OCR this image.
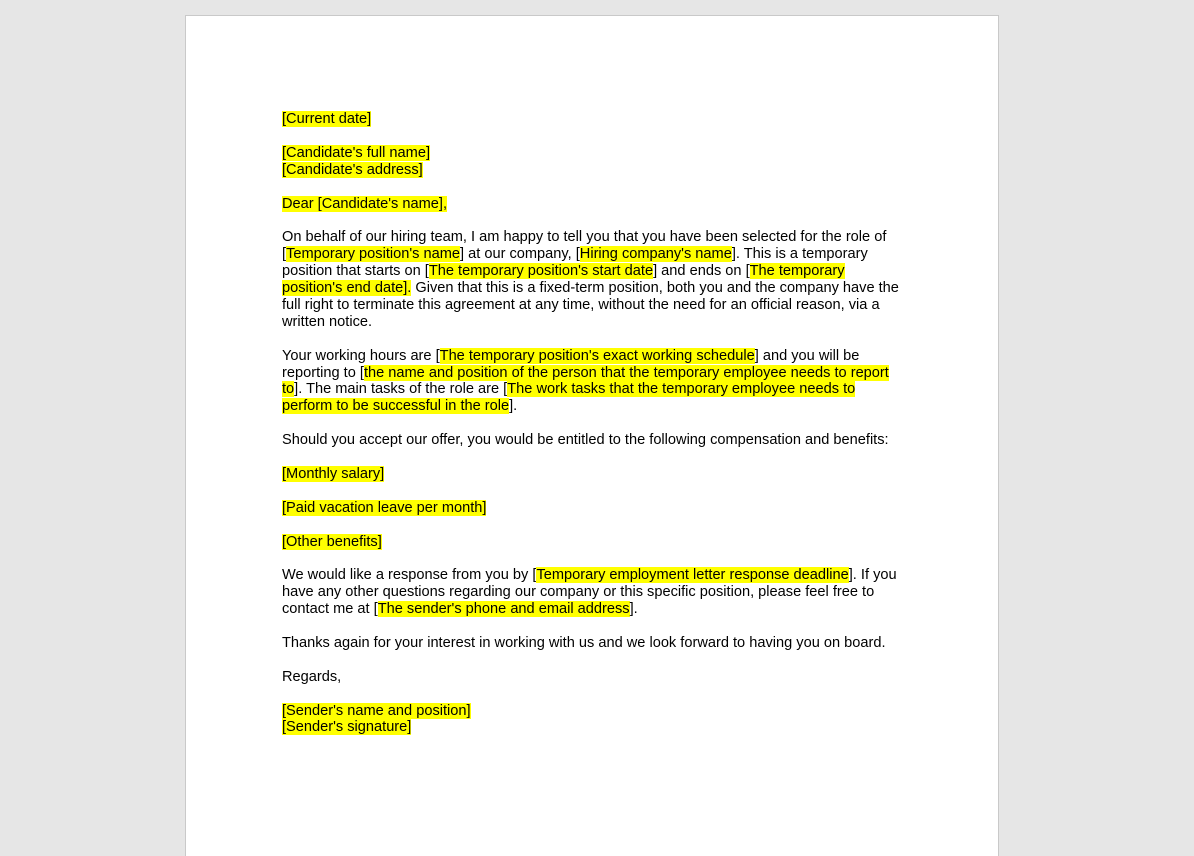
[Current date]

[Candidate's full name]
[Candidate's address]

Dear [Candidate's name],

On behalf of our hiring team, I am happy to tell you that you have been selected for the role of [Temporary position's name] at our company, [Hiring company's name]. This is a temporary position that starts on [The temporary position's start date] and ends on [The temporary position's end date]. Given that this is a fixed-term position, both you and the company have the full right to terminate this agreement at any time, without the need for an official reason, via a written notice.

Your working hours are [The temporary position's exact working schedule] and you will be reporting to [the name and position of the person that the temporary employee needs to report to]. The main tasks of the role are [The work tasks that the temporary employee needs to perform to be successful in the role].

Should you accept our offer, you would be entitled to the following compensation and benefits:

[Monthly salary]

[Paid vacation leave per month]

[Other benefits]

We would like a response from you by [Temporary employment letter response deadline]. If you have any other questions regarding our company or this specific position, please feel free to contact me at [The sender's phone and email address].

Thanks again for your interest in working with us and we look forward to having you on board.

Regards,

[Sender's name and position]
[Sender's signature]
